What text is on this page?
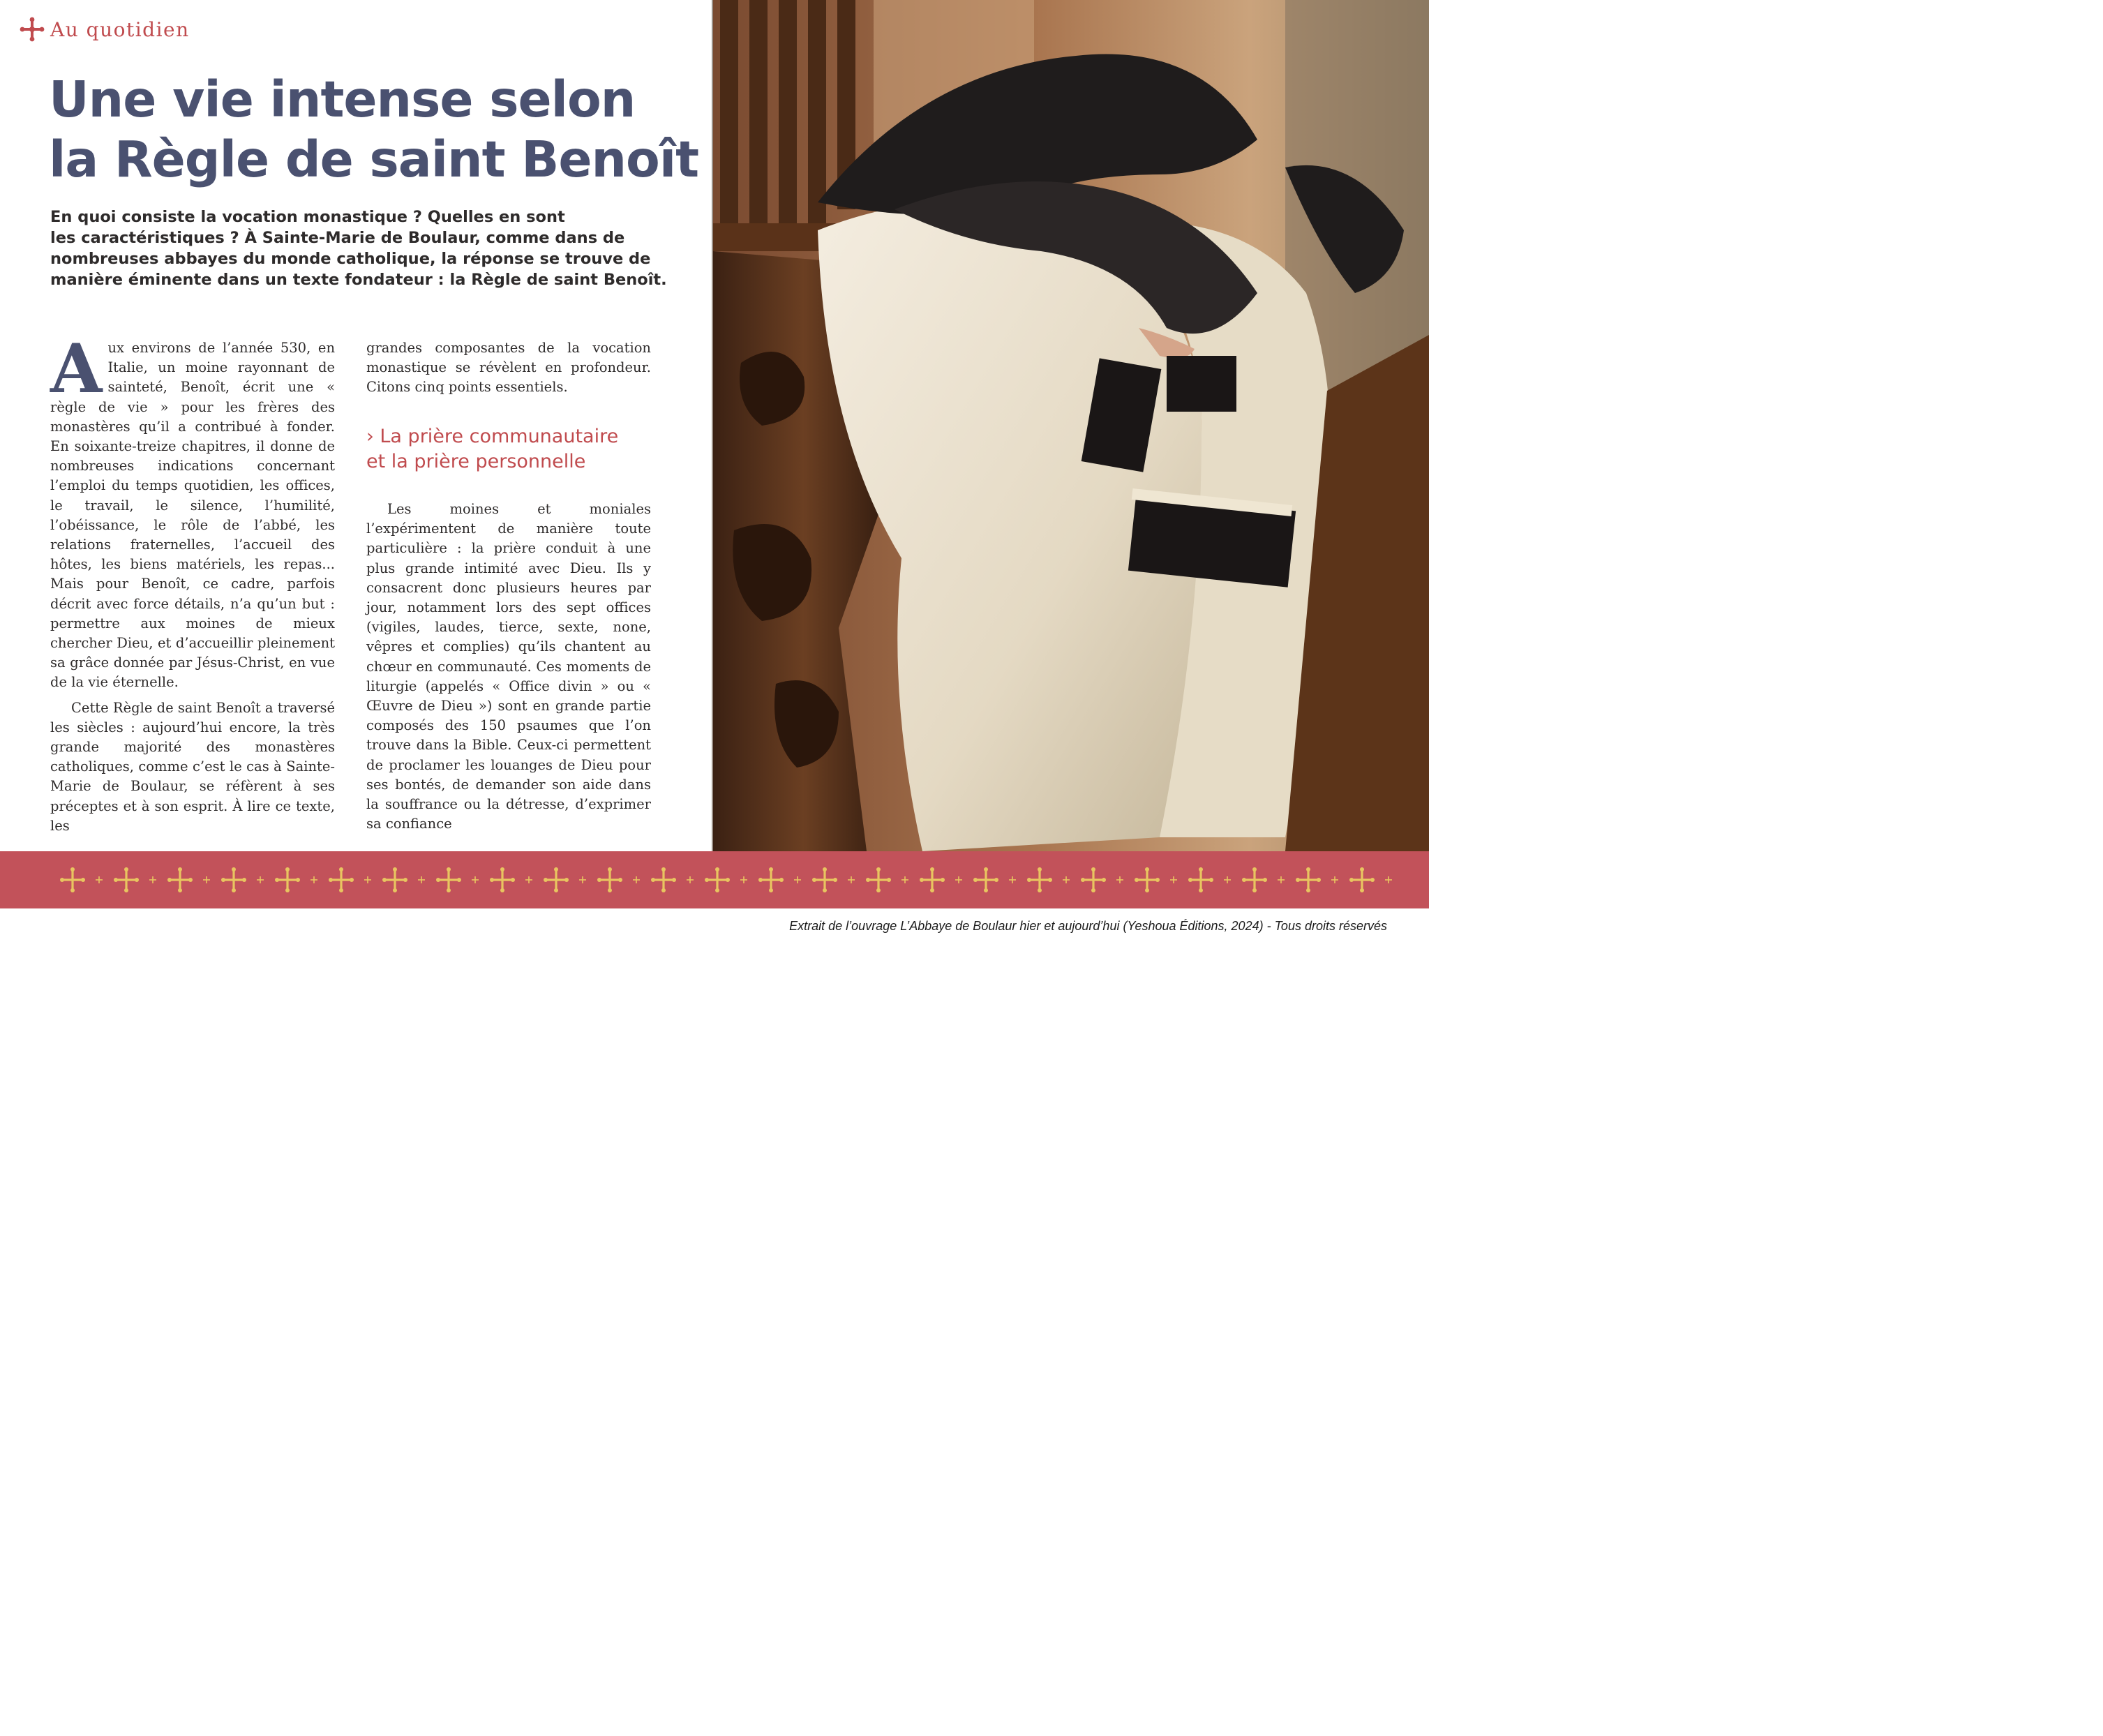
Au quotidien
Une vie intense selon
la Règle de saint Benoît
En quoi consiste la vocation monastique ? Quelles en sont
les caractéristiques ? À Sainte-Marie de Boulaur, comme dans de
nombreuses abbayes du monde catholique, la réponse se trouve de
manière éminente dans un texte fondateur : la Règle de saint Benoît.

Aux environs de l’année 530, en Italie, un moine rayonnant de sainteté, Benoît, écrit une « règle de vie » pour les frères des monastères qu’il a contribué à fonder. En soixante-treize chapitres, il donne de nombreuses indications concernant l’emploi du temps quotidien, les offices, le travail, le silence, l’humilité, l’obéissance, le rôle de l’abbé, les relations fraternelles, l’accueil des hôtes, les biens matériels, les repas... Mais pour Benoît, ce cadre, parfois décrit avec force détails, n’a qu’un but : permettre aux moines de mieux chercher Dieu, et d’accueillir pleinement sa grâce donnée par Jésus-Christ, en vue de la vie éternelle.

Cette Règle de saint Benoît a traversé les siècles : aujourd’hui encore, la très grande majorité des monastères catholiques, comme c’est le cas à Sainte-Marie de Boulaur, se réfèrent à ses préceptes et à son esprit. À lire ce texte, les

grandes composantes de la vocation monastique se révèlent en profondeur. Citons cinq points essentiels.

› La prière communautaire
et la prière personnelle

Les moines et moniales l’expérimentent de manière toute particulière : la prière conduit à une plus grande intimité avec Dieu. Ils y consacrent donc plusieurs heures par jour, notamment lors des sept offices (vigiles, laudes, tierce, sexte, none, vêpres et complies) qu’ils chantent au chœur en communauté. Ces moments de liturgie (appelés « Office divin » ou « Œuvre de Dieu ») sont en grande partie composés des 150 psaumes que l’on trouve dans la Bible. Ceux-ci permettent de proclamer les louanges de Dieu pour ses bontés, de demander son aide dans la souffrance ou la détresse, d’exprimer sa confiance

❊ À l’acclamation « Gloire au Père et au Fils et au Saint-Esprit », chantée en latin à la fin des psaumes, les sœurs se prosternent en signe d’adoration.
44	45
Extrait de l’ouvrage L’Abbaye de Boulaur hier et aujourd’hui (Yeshoua Éditions, 2024) - Tous droits réservés
